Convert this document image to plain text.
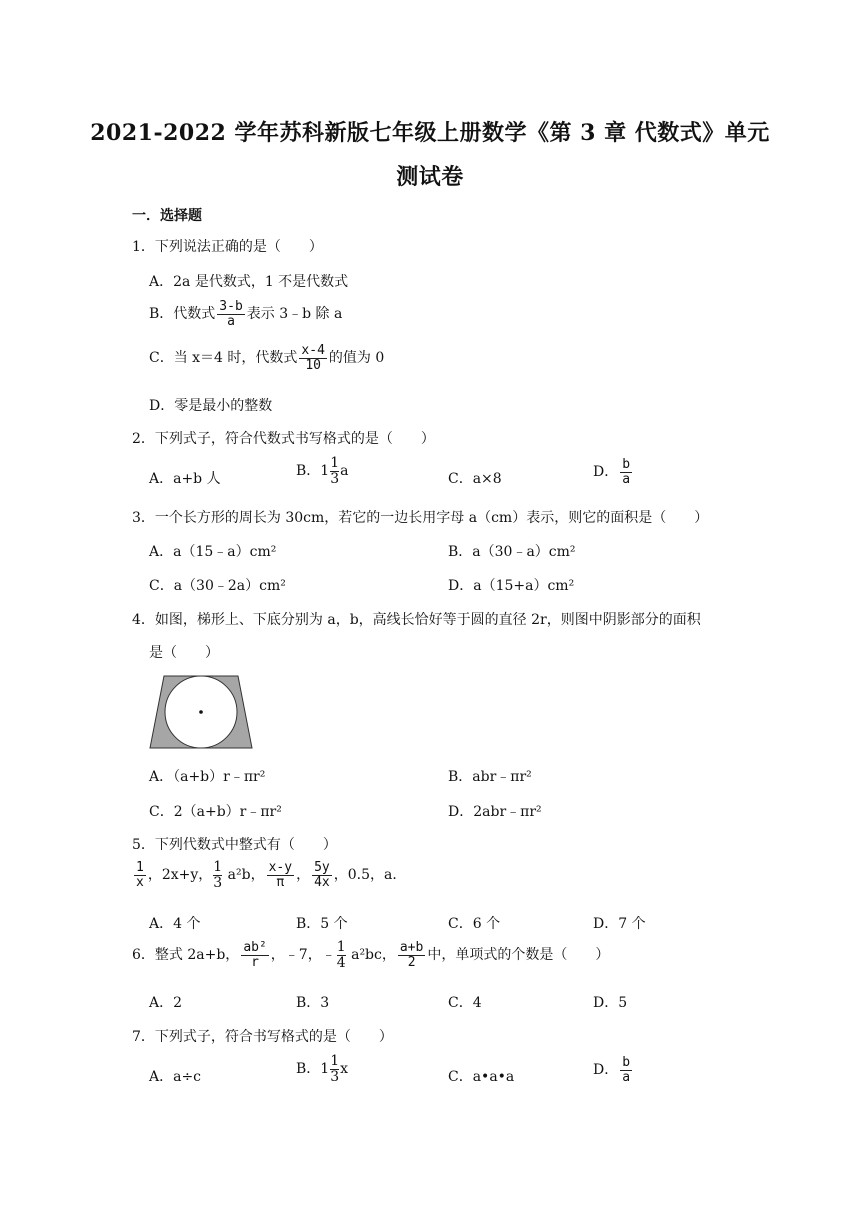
2021-2022 学年苏科新版七年级上册数学《第 3 章 代数式》单元
测试卷
一．选择题
1．下列说法正确的是（　　）
A．2a 是代数式，1 不是代数式
B．代数式 $\frac{3-b}{a}$ 表示 3﹣b 除 a
C．当 x＝4 时，代数式 $\frac{x-4}{10}$ 的值为 0
D．零是最小的整数
2．下列式子，符合代数式书写格式的是（　　）
A．a+b 人	B．$1 \frac{1}{3}$ a	C．a×8	D． $\frac{b}{a}$
3．一个长方形的周长为 30cm，若它的一边长用字母 a（cm）表示，则它的面积是（　　）
A．a（15﹣a）cm²	B．a（30﹣a）cm²
C．a（30﹣2a）cm²	D．a（15+a）cm²
4．如图，梯形上、下底分别为 a，b，高线长恰好等于圆的直径 2r，则图中阴影部分的面积
是（　　）
A．（a+b）r﹣πr²	B．abr﹣πr²
C．2（a+b）r﹣πr²	D．2abr﹣πr²
5．下列代数式中整式有（　　）
$\frac{1}{x}$ ，2x+y， $\frac{1}{3} a^2b$， $\frac{x-y}{\pi}$ ， $\frac{5y}{4x}$ ，0.5，a．
A．4 个	B．5 个	C．6 个	D．7 个
6．整式 2a+b， $\frac{\text{ab²}}{r}$ ，﹣7，﹣ $\frac{1}{4} a^2bc$， $\frac{a+b}{2}$ 中，单项式的个数是（　　）
A．2	B．3	C．4	D．5
7．下列式子，符合书写格式的是（　　）
A．a÷c	B．$1 \frac{1}{3}$ x	C．a•a•a	D． $\frac{b}{a}$
